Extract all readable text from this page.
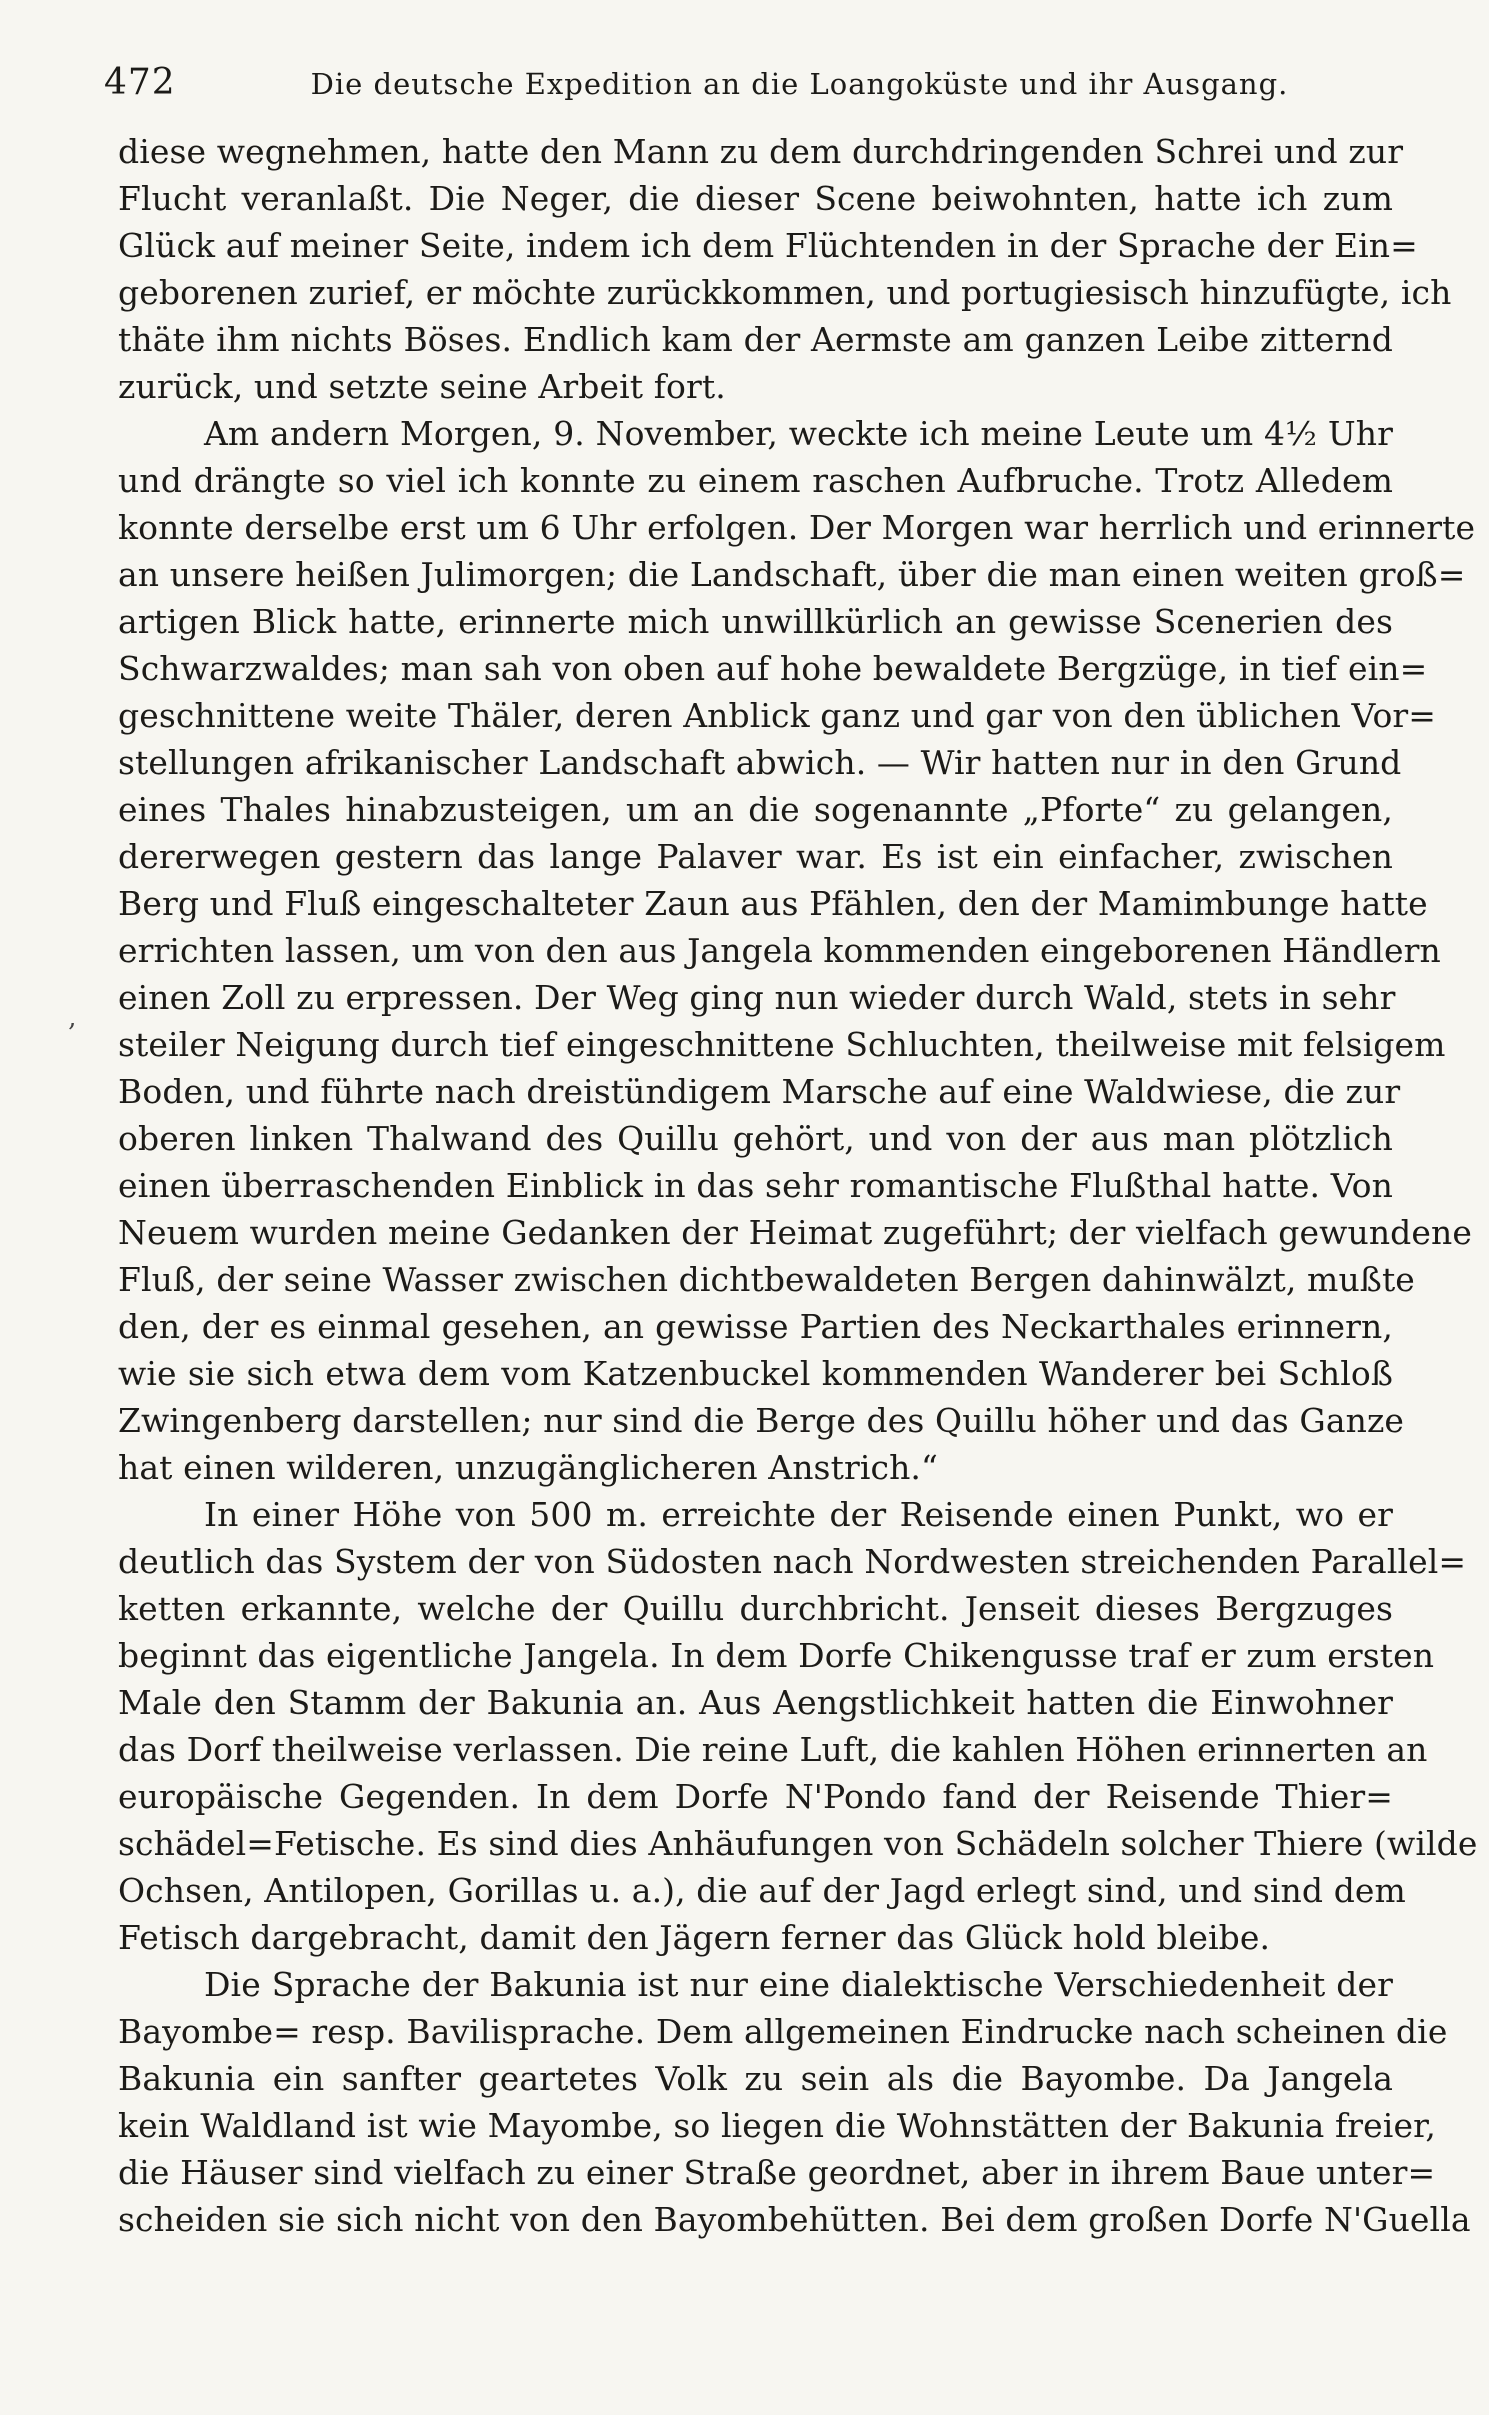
472	Die deutsche Expedition an die Loangoküste und ihr Ausgang.
‚
diese wegnehmen, hatte den Mann zu dem durchdringenden Schrei und zur
Flucht veranlaßt. Die Neger, die dieser Scene beiwohnten, hatte ich zum
Glück auf meiner Seite, indem ich dem Flüchtenden in der Sprache der Ein=
geborenen zurief, er möchte zurückkommen, und portugiesisch hinzufügte, ich
thäte ihm nichts Böses. Endlich kam der Aermste am ganzen Leibe zitternd
zurück, und setzte seine Arbeit fort.
Am andern Morgen, 9. November, weckte ich meine Leute um 4½ Uhr
und drängte so viel ich konnte zu einem raschen Aufbruche. Trotz Alledem
konnte derselbe erst um 6 Uhr erfolgen. Der Morgen war herrlich und erinnerte
an unsere heißen Julimorgen; die Landschaft, über die man einen weiten groß=
artigen Blick hatte, erinnerte mich unwillkürlich an gewisse Scenerien des
Schwarzwaldes; man sah von oben auf hohe bewaldete Bergzüge, in tief ein=
geschnittene weite Thäler, deren Anblick ganz und gar von den üblichen Vor=
stellungen afrikanischer Landschaft abwich. — Wir hatten nur in den Grund
eines Thales hinabzusteigen, um an die sogenannte „Pforte“ zu gelangen,
dererwegen gestern das lange Palaver war. Es ist ein einfacher, zwischen
Berg und Fluß eingeschalteter Zaun aus Pfählen, den der Mamimbunge hatte
errichten lassen, um von den aus Jangela kommenden eingeborenen Händlern
einen Zoll zu erpressen. Der Weg ging nun wieder durch Wald, stets in sehr
steiler Neigung durch tief eingeschnittene Schluchten, theilweise mit felsigem
Boden, und führte nach dreistündigem Marsche auf eine Waldwiese, die zur
oberen linken Thalwand des Quillu gehört, und von der aus man plötzlich
einen überraschenden Einblick in das sehr romantische Flußthal hatte. Von
Neuem wurden meine Gedanken der Heimat zugeführt; der vielfach gewundene
Fluß, der seine Wasser zwischen dichtbewaldeten Bergen dahinwälzt, mußte
den, der es einmal gesehen, an gewisse Partien des Neckarthales erinnern,
wie sie sich etwa dem vom Katzenbuckel kommenden Wanderer bei Schloß
Zwingenberg darstellen; nur sind die Berge des Quillu höher und das Ganze
hat einen wilderen, unzugänglicheren Anstrich.“
In einer Höhe von 500 m. erreichte der Reisende einen Punkt, wo er
deutlich das System der von Südosten nach Nordwesten streichenden Parallel=
ketten erkannte, welche der Quillu durchbricht. Jenseit dieses Bergzuges
beginnt das eigentliche Jangela. In dem Dorfe Chikengusse traf er zum ersten
Male den Stamm der Bakunia an. Aus Aengstlichkeit hatten die Einwohner
das Dorf theilweise verlassen. Die reine Luft, die kahlen Höhen erinnerten an
europäische Gegenden. In dem Dorfe N'Pondo fand der Reisende Thier=
schädel=Fetische. Es sind dies Anhäufungen von Schädeln solcher Thiere (wilde
Ochsen, Antilopen, Gorillas u. a.), die auf der Jagd erlegt sind, und sind dem
Fetisch dargebracht, damit den Jägern ferner das Glück hold bleibe.
Die Sprache der Bakunia ist nur eine dialektische Verschiedenheit der
Bayombe= resp. Bavilisprache. Dem allgemeinen Eindrucke nach scheinen die
Bakunia ein sanfter geartetes Volk zu sein als die Bayombe. Da Jangela
kein Waldland ist wie Mayombe, so liegen die Wohnstätten der Bakunia freier,
die Häuser sind vielfach zu einer Straße geordnet, aber in ihrem Baue unter=
scheiden sie sich nicht von den Bayombehütten. Bei dem großen Dorfe N'Guella
